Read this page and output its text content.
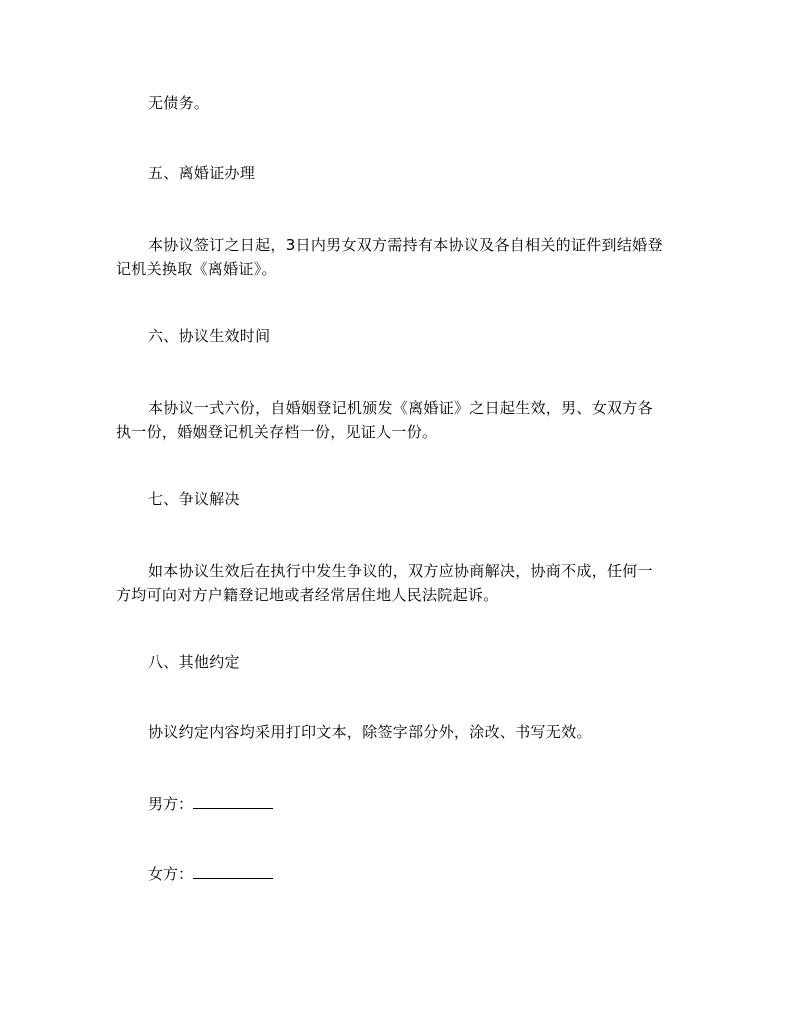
无债务。
五、离婚证办理
本协议签订之日起，3日内男女双方需持有本协议及各自相关的证件到结婚登
记机关换取《离婚证》。
六、协议生效时间
本协议一式六份，自婚姻登记机颁发《离婚证》之日起生效，男、女双方各
执一份，婚姻登记机关存档一份，见证人一份。
七、争议解决
如本协议生效后在执行中发生争议的，双方应协商解决，协商不成，任何一
方均可向对方户籍登记地或者经常居住地人民法院起诉。
八、其他约定
协议约定内容均采用打印文本，除签字部分外，涂改、书写无效。
男方：
女方：
